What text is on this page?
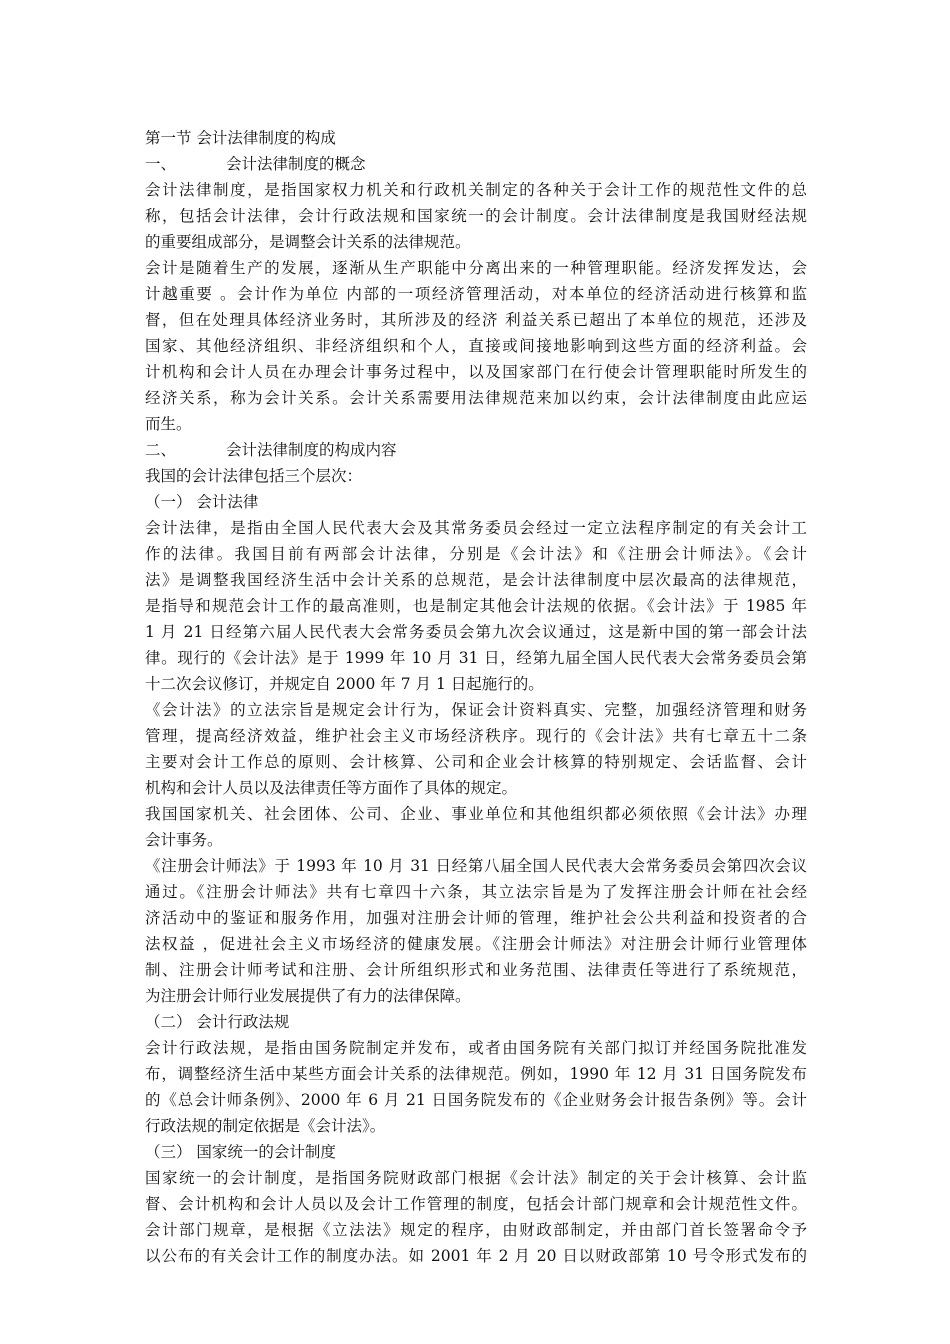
第一节 会计法律制度的构成
一、	会计法律制度的概念
会计法律制度，是指国家权力机关和行政机关制定的各种关于会计工作的规范性文件的总
称，包括会计法律，会计行政法规和国家统一的会计制度。会计法律制度是我国财经法规
的重要组成部分，是调整会计关系的法律规范。
会计是随着生产的发展，逐渐从生产职能中分离出来的一种管理职能。经济发挥发达，会
计越重要 。会计作为单位 内部的一项经济管理活动，对本单位的经济活动进行核算和监
督，但在处理具体经济业务时，其所涉及的经济 利益关系已超出了本单位的规范，还涉及
国家、其他经济组织、非经济组织和个人，直接或间接地影响到这些方面的经济利益。会
计机构和会计人员在办理会计事务过程中，以及国家部门在行使会计管理职能时所发生的
经济关系，称为会计关系。会计关系需要用法律规范来加以约束，会计法律制度由此应运
而生。
二、	会计法律制度的构成内容
我国的会计法律包括三个层次：
（一） 会计法律
会计法律，是指由全国人民代表大会及其常务委员会经过一定立法程序制定的有关会计工
作的法律。我国目前有两部会计法律，分别是《会计法》和《注册会计师法》。《会计
法》是调整我国经济生活中会计关系的总规范，是会计法律制度中层次最高的法律规范，
是指导和规范会计工作的最高准则，也是制定其他会计法规的依据。《会计法》于 1985 年
1 月 21 日经第六届人民代表大会常务委员会第九次会议通过，这是新中国的第一部会计法
律。现行的《会计法》是于 1999 年 10 月 31 日，经第九届全国人民代表大会常务委员会第
十二次会议修订，并规定自 2000 年 7 月 1 日起施行的。
《会计法》的立法宗旨是规定会计行为，保证会计资料真实、完整，加强经济管理和财务
管理，提高经济效益，维护社会主义市场经济秩序。现行的《会计法》共有七章五十二条
主要对会计工作总的原则、会计核算、公司和企业会计核算的特别规定、会话监督、会计
机构和会计人员以及法律责任等方面作了具体的规定。
我国国家机关、社会团体、公司、企业、事业单位和其他组织都必须依照《会计法》办理
会计事务。
《注册会计师法》于 1993 年 10 月 31 日经第八届全国人民代表大会常务委员会第四次会议
通过。《注册会计师法》共有七章四十六条，其立法宗旨是为了发挥注册会计师在社会经
济活动中的鉴证和服务作用，加强对注册会计师的管理，维护社会公共利益和投资者的合
法权益 ，促进社会主义市场经济的健康发展。《注册会计师法》对注册会计师行业管理体
制、注册会计师考试和注册、会计所组织形式和业务范围、法律责任等进行了系统规范，
为注册会计师行业发展提供了有力的法律保障。
（二） 会计行政法规
会计行政法规，是指由国务院制定并发布，或者由国务院有关部门拟订并经国务院批准发
布，调整经济生活中某些方面会计关系的法律规范。例如，1990 年 12 月 31 日国务院发布
的《总会计师条例》、2000 年 6 月 21 日国务院发布的《企业财务会计报告条例》等。会计
行政法规的制定依据是《会计法》。
（三） 国家统一的会计制度
国家统一的会计制度，是指国务院财政部门根据《会计法》制定的关于会计核算、会计监
督、会计机构和会计人员以及会计工作管理的制度，包括会计部门规章和会计规范性文件。
会计部门规章，是根据《立法法》规定的程序，由财政部制定，并由部门首长签署命令予
以公布的有关会计工作的制度办法。如 2001 年 2 月 20 日以财政部第 10 号令形式发布的
